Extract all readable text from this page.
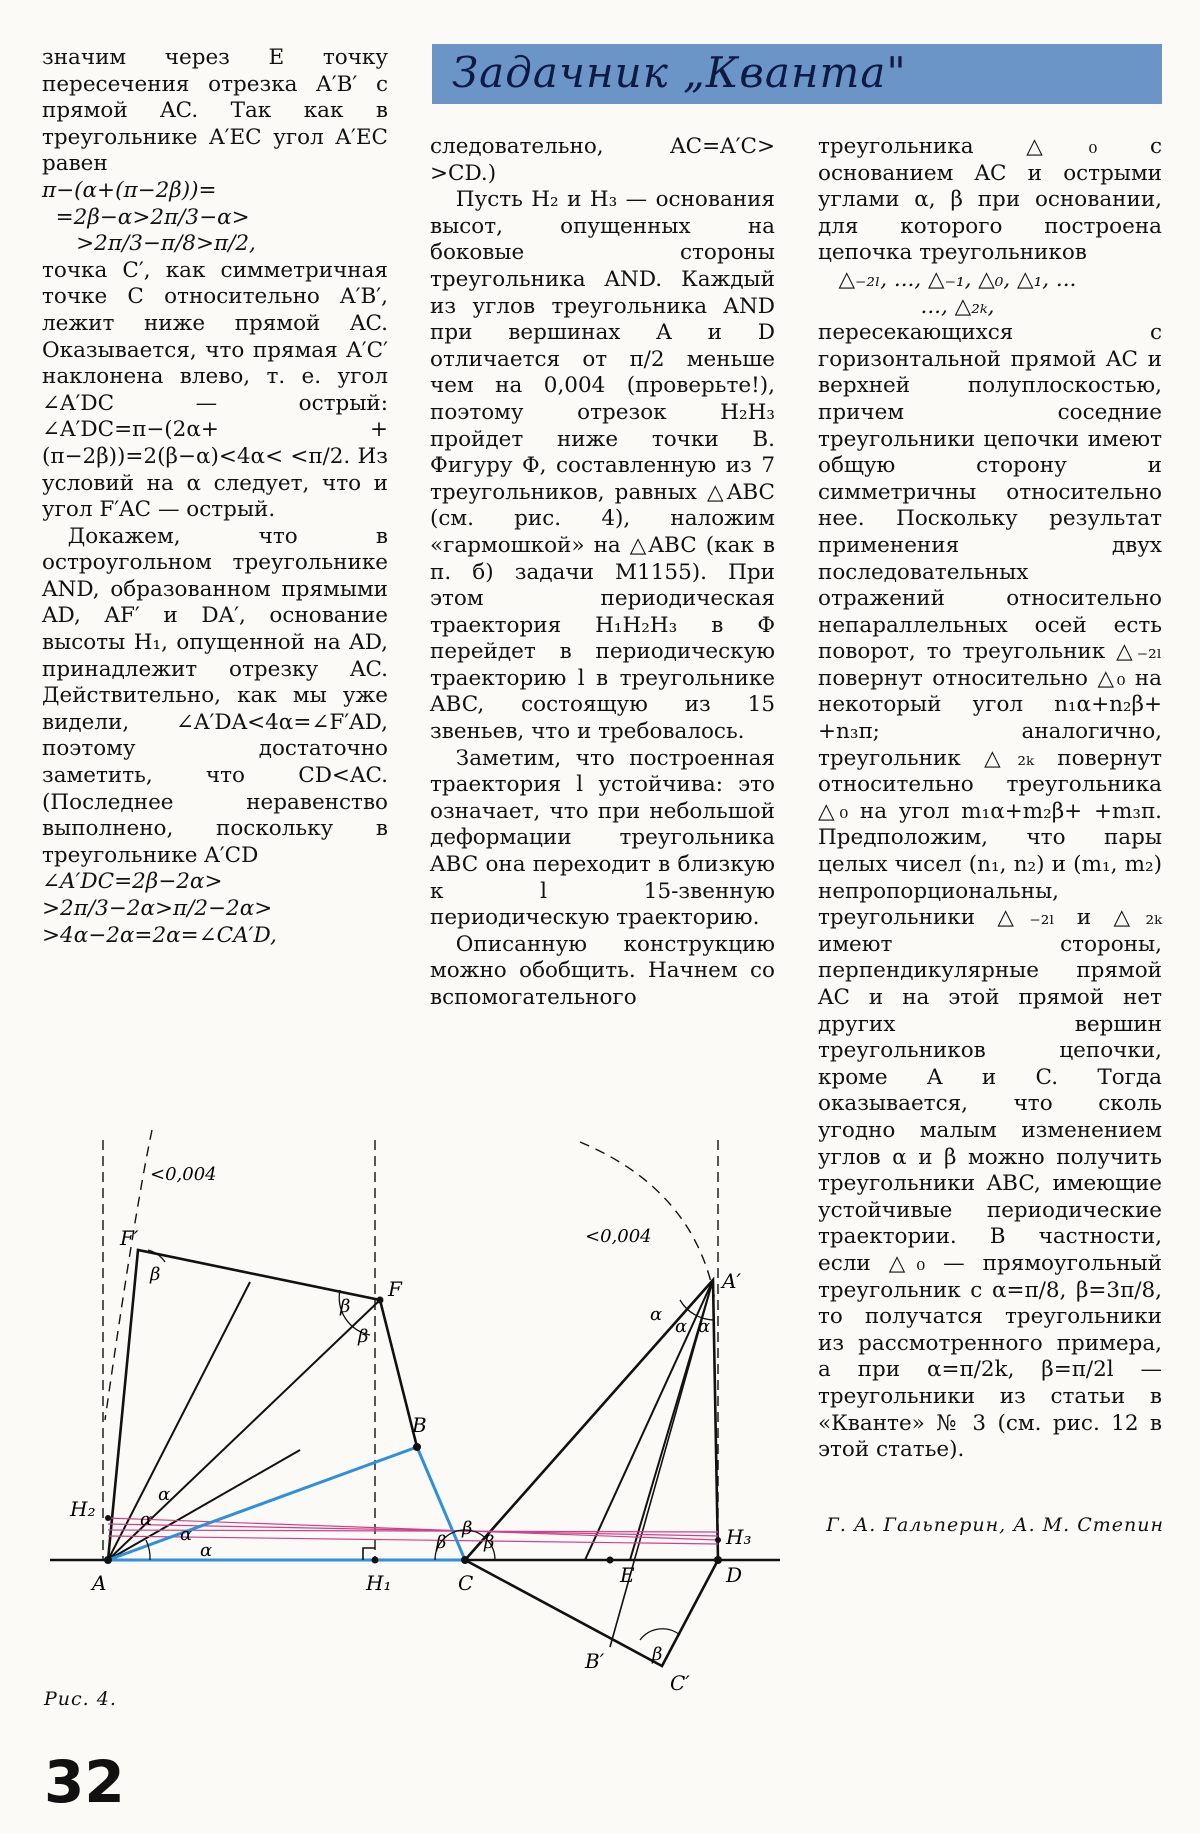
Задачник „Кванта"

значим через E точку пересечения отрезка A′B′ с прямой AC. Так как в треугольнике A′EC угол A′EC равен

π−(α+(π−2β))=
=2β−α>2π/3−α>
>2π/3−π/8>π/2,

точка C′, как симметричная точке C относительно A′B′, лежит ниже прямой AC. Оказывается, что прямая A′C′ наклонена влево, т. е. угол ∠A′DC — острый: ∠A′DC=π−(2α+ +(π−2β))=2(β−α)<4α< <π/2. Из условий на α следует, что и угол F′AC — острый.

Докажем, что в остроугольном треугольнике AND, образованном прямыми AD, AF′ и DA′, основание высоты H₁, опущенной на AD, принадлежит отрезку AC. Действительно, как мы уже видели, ∠A′DA<4α=∠F′AD, поэтому достаточно заметить, что CD<AC. (Последнее неравенство выполнено, поскольку в треугольнике A′CD

∠A′DC=2β−2α>
>2π/3−2α>π/2−2α>
>4α−2α=2α=∠CA′D,

следовательно, AC=A′C> >CD.)

Пусть H₂ и H₃ — основания высот, опущенных на боковые стороны треугольника AND. Каждый из углов треугольника AND при вершинах A и D отличается от π/2 меньше чем на 0,004 (проверьте!), поэтому отрезок H₂H₃ пройдет ниже точки B. Фигуру Φ, составленную из 7 треугольников, равных △ABC (см. рис. 4), наложим «гармошкой» на △ABC (как в п. б) задачи M1155). При этом периодическая траектория H₁H₂H₃ в Φ перейдет в периодическую траекторию l в треугольнике ABC, состоящую из 15 звеньев, что и требовалось.

Заметим, что построенная траектория l устойчива: это означает, что при небольшой деформации треугольника ABC она переходит в близкую к l 15-звенную периодическую траекторию.

Описанную конструкцию можно обобщить. Начнем со вспомогательного

треугольника △₀ с основанием AC и острыми углами α, β при основании, для которого построена цепочка треугольников

△₋₂ₗ, ..., △₋₁, △₀, △₁, ...
..., △₂ₖ,

пересекающихся с горизонтальной прямой AC и верхней полуплоскостью, причем соседние треугольники цепочки имеют общую сторону и симметричны относительно нее. Поскольку результат применения двух последовательных отражений относительно непараллельных осей есть поворот, то треугольник △₋₂ₗ повернут относительно △₀ на некоторый угол n₁α+n₂β+ +n₃π; аналогично, треугольник △₂ₖ повернут относительно треугольника △₀ на угол m₁α+m₂β+ +m₃π. Предположим, что пары целых чисел (n₁, n₂) и (m₁, m₂) непропорциональны, треугольники △₋₂ₗ и △₂ₖ имеют стороны, перпендикулярные прямой AC и на этой прямой нет других вершин треугольников цепочки, кроме A и C. Тогда оказывается, что сколь угодно малым изменением углов α и β можно получить треугольники ABC, имеющие устойчивые периодические траектории. В частности, если △₀ — прямоугольный треугольник с α=π/8, β=3π/8, то получатся треугольники из рассмотренного примера, а при α=π/2k, β=π/2l — треугольники из статьи в «Кванте» № 3 (см. рис. 12 в этой статье).

Г. А. Гальперин, А. М. Степин
F′
F
B
A	H₁	C	E	D
B′
C′
A′
H₂
H₃
<0,004
<0,004
β
β
β
α
α
α
α	β
β
β
α
α α
β
Рис. 4.
32
